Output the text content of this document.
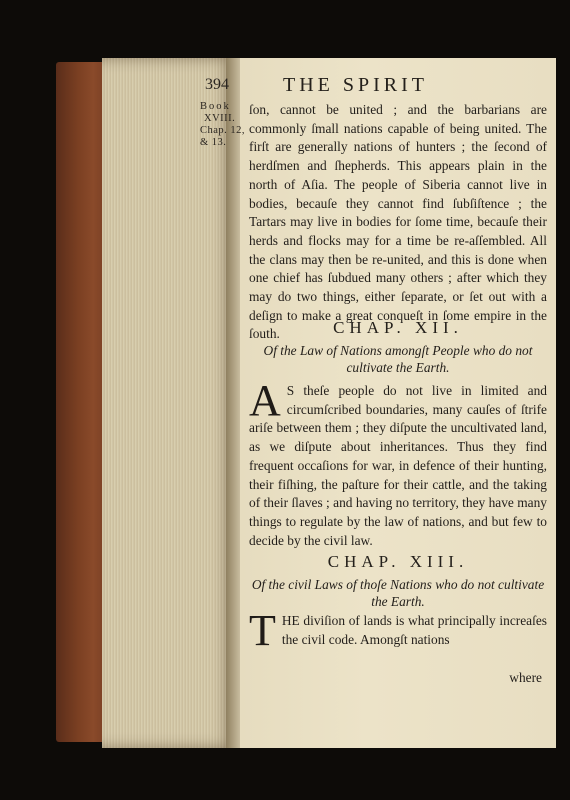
394	THE SPIRIT
Book
XVIII.
Chap. 12,
& 13.
ſon, cannot be united ; and the barbarians are commonly ſmall nations capable of being united. The firſt are generally nations of hunters ; the ſecond of herdſmen and ſhepherds. This appears plain in the north of Aſia. The people of Siberia cannot live in bodies, becauſe they cannot find ſubſiſtence ; the Tartars may live in bodies for ſome time, becauſe their herds and flocks may for a time be re-aſſembled. All the clans may then be re-united, and this is done when one chief has ſubdued many others ; after which they may do two things, either ſeparate, or ſet out with a deſign to make a great conqueſt in ſome empire in the ſouth.	CHAP. XII.
Of the Law of Nations amongſt People who do not cultivate the Earth.
A S theſe people do not live in limited and circumſcribed boundaries, many cauſes of ſtrife ariſe between them ; they diſpute the uncultivated land, as we diſpute about inheritances. Thus they find frequent occaſions for war, in defence of their hunting, their fiſhing, the paſture for their cattle, and the taking of their ſlaves ; and having no territory, they have many things to regulate by the law of nations, and but few to decide by the civil law.
CHAP. XIII.
Of the civil Laws of thoſe Nations who do not cultivate the Earth.
T HE diviſion of lands is what principally increaſes the civil code. Amongſt nations
where
